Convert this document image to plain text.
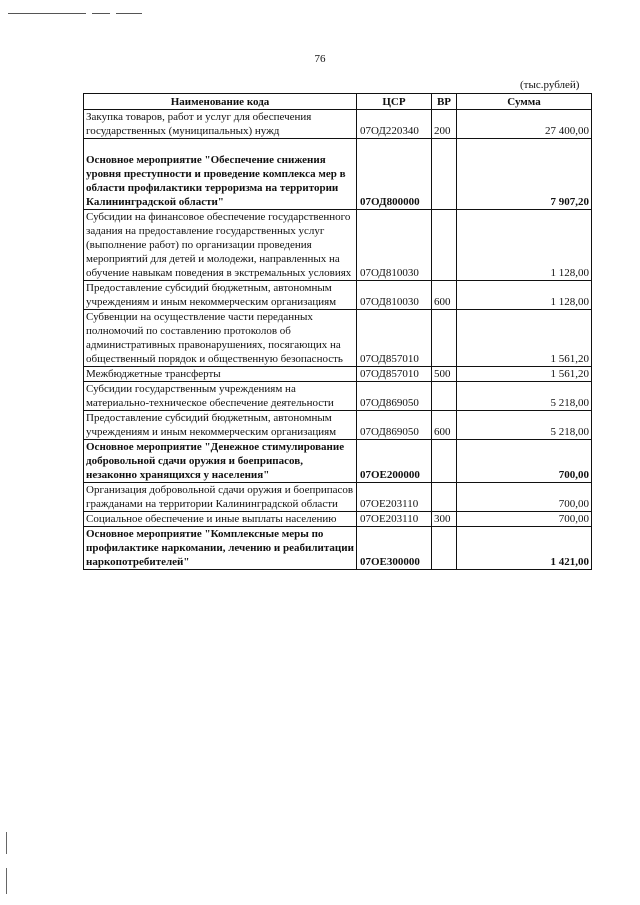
76
(тыс.рублей)
Наименование кода	ЦСР	ВР	Сумма
Закупка товаров, работ и услуг для обеспечения государственных (муниципальных) нужд	07ОД220340	200	27 400,00
Основное мероприятие "Обеспечение снижения уровня преступности и проведение комплекса мер в области профилактики терроризма на территории Калининградской области"	07ОД800000		7 907,20
Субсидии на финансовое обеспечение государственного задания на предоставление государственных услуг (выполнение работ) по организации проведения мероприятий для детей и молодежи, направленных на обучение навыкам поведения в экстремальных условиях	07ОД810030		1 128,00
Предоставление субсидий бюджетным, автономным учреждениям и иным некоммерческим организациям	07ОД810030	600	1 128,00
Субвенции на осуществление части переданных полномочий по составлению протоколов об административных правонарушениях, посягающих на общественный порядок и общественную безопасность	07ОД857010		1 561,20
Межбюджетные трансферты	07ОД857010	500	1 561,20
Субсидии государственным учреждениям на материально-техническое обеспечение деятельности	07ОД869050		5 218,00
Предоставление субсидий бюджетным, автономным учреждениям и иным некоммерческим организациям	07ОД869050	600	5 218,00
Основное мероприятие "Денежное стимулирование добровольной сдачи оружия и боеприпасов, незаконно хранящихся у населения"	07ОЕ200000		700,00
Организация добровольной сдачи оружия и боеприпасов гражданами на территории Калининградской области	07ОЕ203110		700,00
Социальное обеспечение и иные выплаты населению	07ОЕ203110	300	700,00
Основное мероприятие "Комплексные меры по профилактике наркомании, лечению и реабилитации наркопотребителей"	07ОЕ300000		1 421,00
